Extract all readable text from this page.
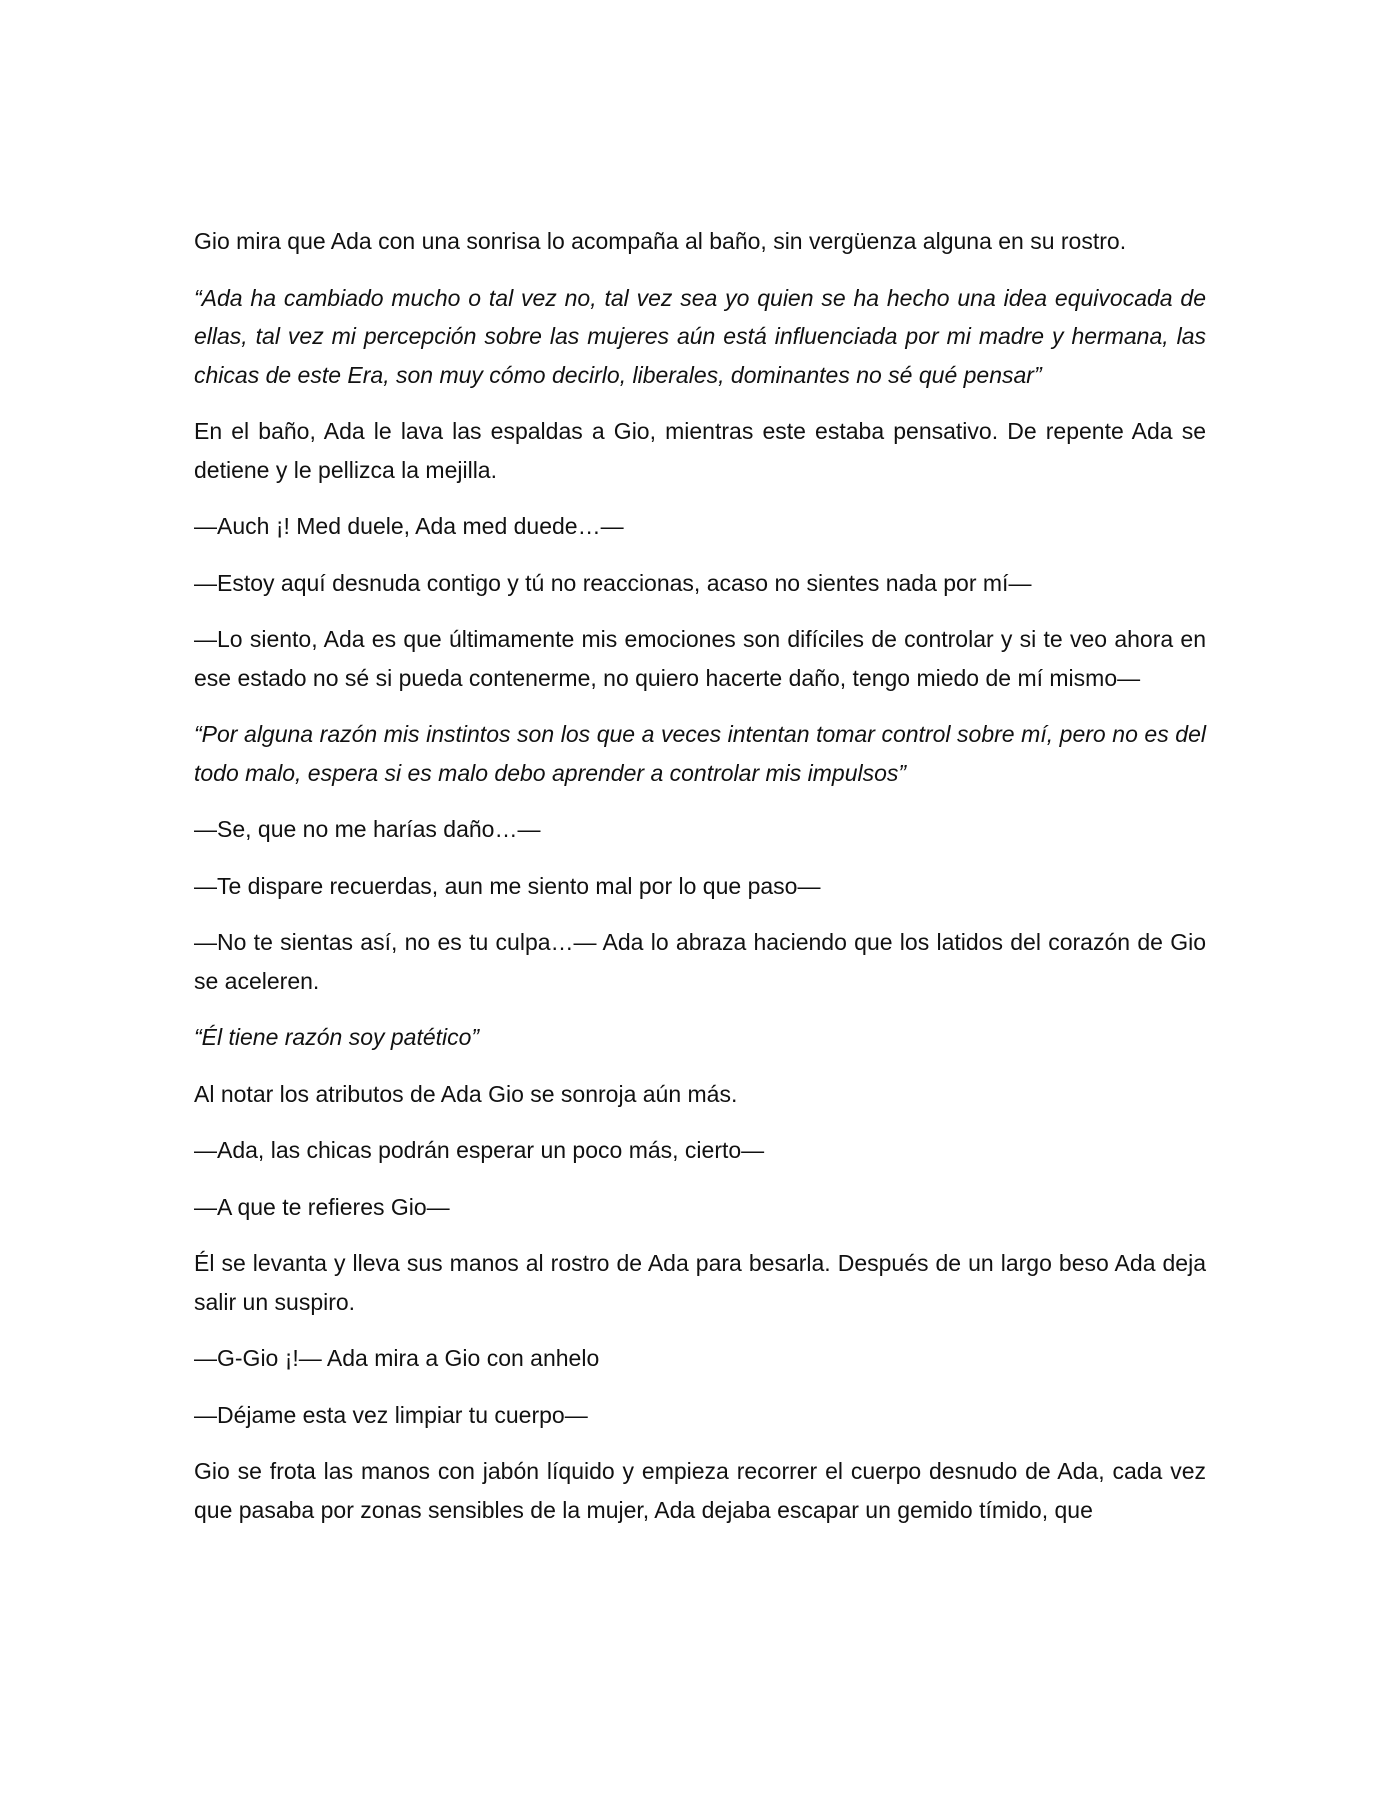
Gio mira que Ada con una sonrisa lo acompaña al baño, sin vergüenza alguna en su rostro.

“Ada ha cambiado mucho o tal vez no, tal vez sea yo quien se ha hecho una idea equivocada de ellas, tal vez mi percepción sobre las mujeres aún está influenciada por mi madre y hermana, las chicas de este Era, son muy cómo decirlo, liberales, dominantes no sé qué pensar”

En el baño, Ada le lava las espaldas a Gio, mientras este estaba pensativo. De repente Ada se detiene y le pellizca la mejilla.

—Auch ¡! Med duele, Ada med duede…—

—Estoy aquí desnuda contigo y tú no reaccionas, acaso no sientes nada por mí—

—Lo siento, Ada es que últimamente mis emociones son difíciles de controlar y si te veo ahora en ese estado no sé si pueda contenerme, no quiero hacerte daño, tengo miedo de mí mismo—

“Por alguna razón mis instintos son los que a veces intentan tomar control sobre mí, pero no es del todo malo, espera si es malo debo aprender a controlar mis impulsos”

—Se, que no me harías daño…—

—Te dispare recuerdas, aun me siento mal por lo que paso—

—No te sientas así, no es tu culpa…— Ada lo abraza haciendo que los latidos del corazón de Gio se aceleren.

“Él tiene razón soy patético”

Al notar los atributos de Ada Gio se sonroja aún más.

—Ada, las chicas podrán esperar un poco más, cierto—

—A que te refieres Gio—

Él se levanta y lleva sus manos al rostro de Ada para besarla. Después de un largo beso Ada deja salir un suspiro.

—G-Gio ¡!— Ada mira a Gio con anhelo

—Déjame esta vez limpiar tu cuerpo—

Gio se frota las manos con jabón líquido y empieza recorrer el cuerpo desnudo de Ada, cada vez que pasaba por zonas sensibles de la mujer, Ada dejaba escapar un gemido tímido, que
